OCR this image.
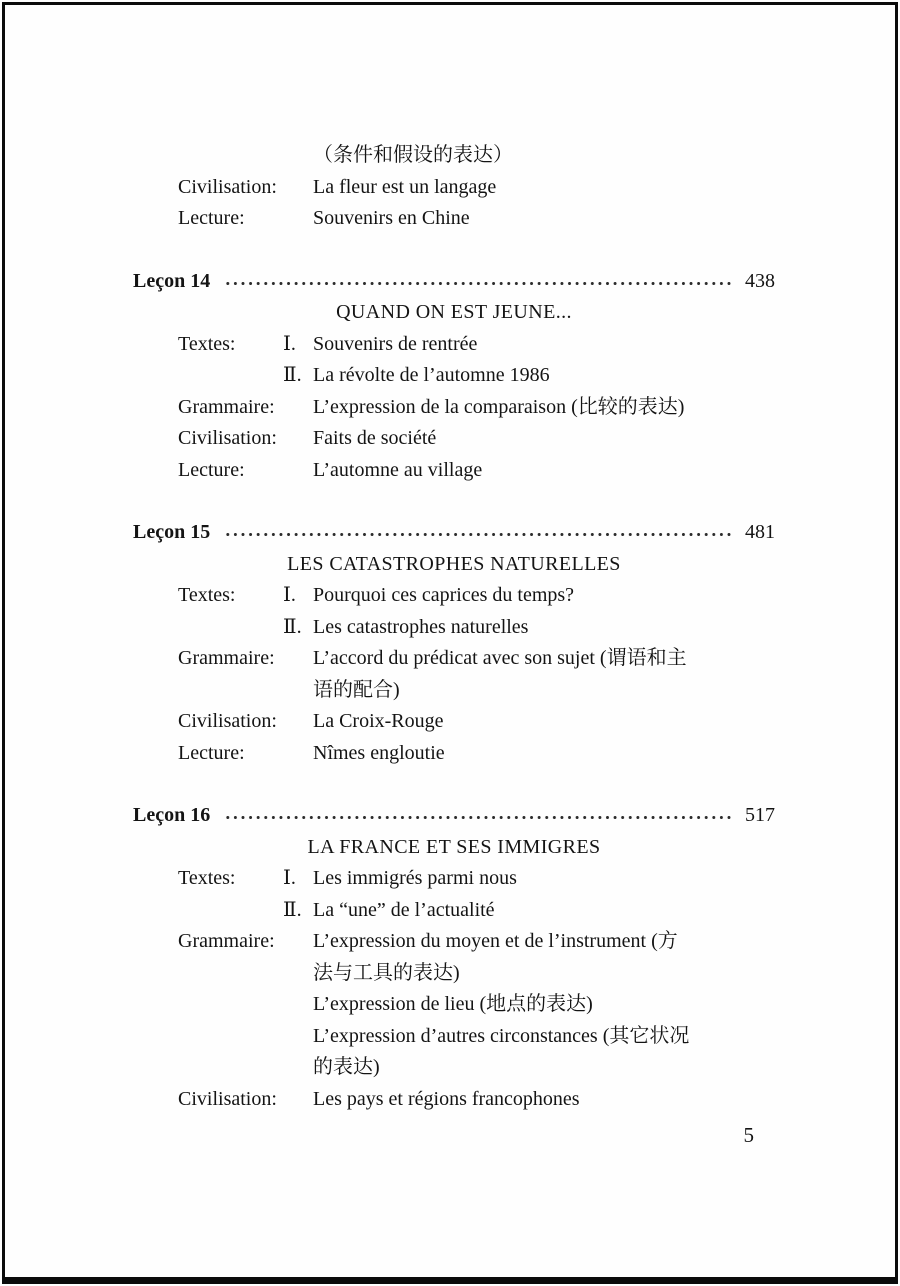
（条件和假设的表达）
Civilisation:	La fleur est un langage
Lecture:	Souvenirs en Chine
Leçon 14	438
QUAND ON EST JEUNE...
Textes:	Ⅰ. Souvenirs de rentrée
Ⅱ. La révolte de l’automne 1986
Grammaire:	L’expression de la comparaison (比较的表达)
Civilisation:	Faits de société
Lecture:	L’automne au village
Leçon 15	481
LES CATASTROPHES NATURELLES
Textes:	Ⅰ. Pourquoi ces caprices du temps?
Ⅱ. Les catastrophes naturelles
Grammaire:	L’accord du prédicat avec son sujet (谓语和主
语的配合)
Civilisation:	La Croix-Rouge
Lecture:	Nîmes engloutie
Leçon 16	517
LA FRANCE ET SES IMMIGRES
Textes:	Ⅰ. Les immigrés parmi nous
Ⅱ. La “une” de l’actualité
Grammaire:	L’expression du moyen et de l’instrument (方
法与工具的表达)
L’expression de lieu (地点的表达)
L’expression d’autres circonstances (其它状况
的表达)
Civilisation:	Les pays et régions francophones
5
